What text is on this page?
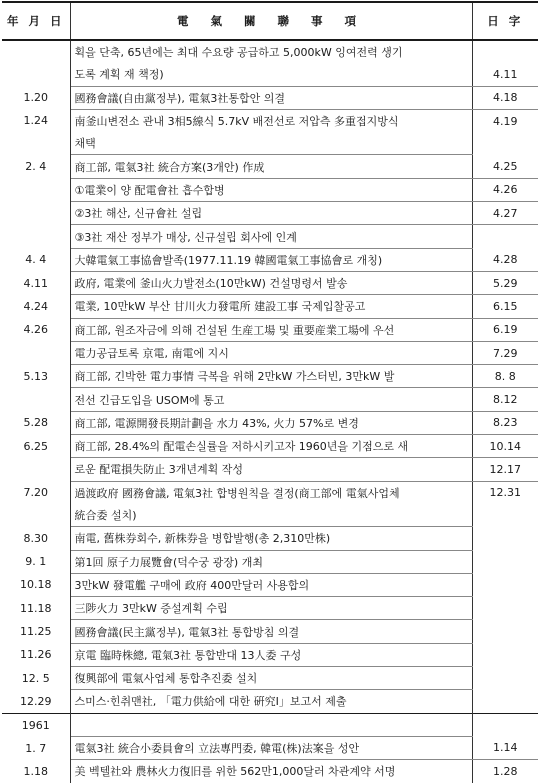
年 月 日	電 氣 關 聯 事 項	日 字
	획을 단축, 65년에는 최대 수요량 공급하고 5,000kW 잉여전력 생기	
	도록 계획 재 책정)	4.11
1.20	國務會議(自由黨정부), 電氣3社통합안 의결	4.18
1.24	南釜山변전소 관내 3相5線식 5.7kV 배전선로 저압측 多重접지방식	4.19
	채택	
2. 4	商工部, 電氣3社 統合方案(3개안) 作成	4.25
	①電業이 양 配電會社 흡수합병	4.26
	②3社 해산, 신규會社 설립	4.27
	③3社 재산 정부가 매상, 신규설립 회사에 인계	
4. 4	大韓電氣工事協會발족(1977.11.19 韓國電氣工事協會로 개칭)	4.28
4.11	政府, 電業에 釜山火力발전소(10만kW) 건설명령서 발송	5.29
4.24	電業, 10만kW 부산 甘川火力發電所 建設工事 국제입찰공고	6.15
4.26	商工部, 원조자금에 의해 건설된 生産工場 및 重要産業工場에 우선	6.19
	電力공급토록 京電, 南電에 지시	7.29
5.13	商工部, 긴박한 電力事情 극복을 위해 2만kW 가스터빈, 3만kW 발	8. 8
	전선 긴급도입을 USOM에 통고	8.12
5.28	商工部, 電源開發長期計劃을 水力 43%, 火力 57%로 변경	8.23
6.25	商工部, 28.4%의 配電손실률을 저하시키고자 1960년을 기점으로 새	10.14
	로운 配電損失防止 3개년계획 작성	12.17
7.20	過渡政府 國務會議, 電氣3社 합병원칙을 결정(商工部에 電氣사업체	12.31
	統合委 설치)	
8.30	南電, 舊株券회수, 新株券을 병합발행(총 2,310만株)	
9. 1	第1回 原子力展覽會(덕수궁 광장) 개최	
10.18	3만kW 發電艦 구매에 政府 400만달러 사용합의	
11.18	三陟火力 3만kW 증설계획 수립	
11.25	國務會議(民主黨정부), 電氣3社 통합방침 의결	
11.26	京電 臨時株總, 電氣3社 통합반대 13人委 구성	
12. 5	復興部에 電氣사업체 통합추진委 설치	
12.29	스미스·힌취맨社, 「電力供給에 대한 硏究Ⅰ」보고서 제출	
1961		
1. 7	電氣3社 統合小委員會의 立法專門委, 韓電(株)法案을 성안	1.14
1.18	美 벡텔社와 農林火力復旧를 위한 562만1,000달러 차관계약 서명	1.28
